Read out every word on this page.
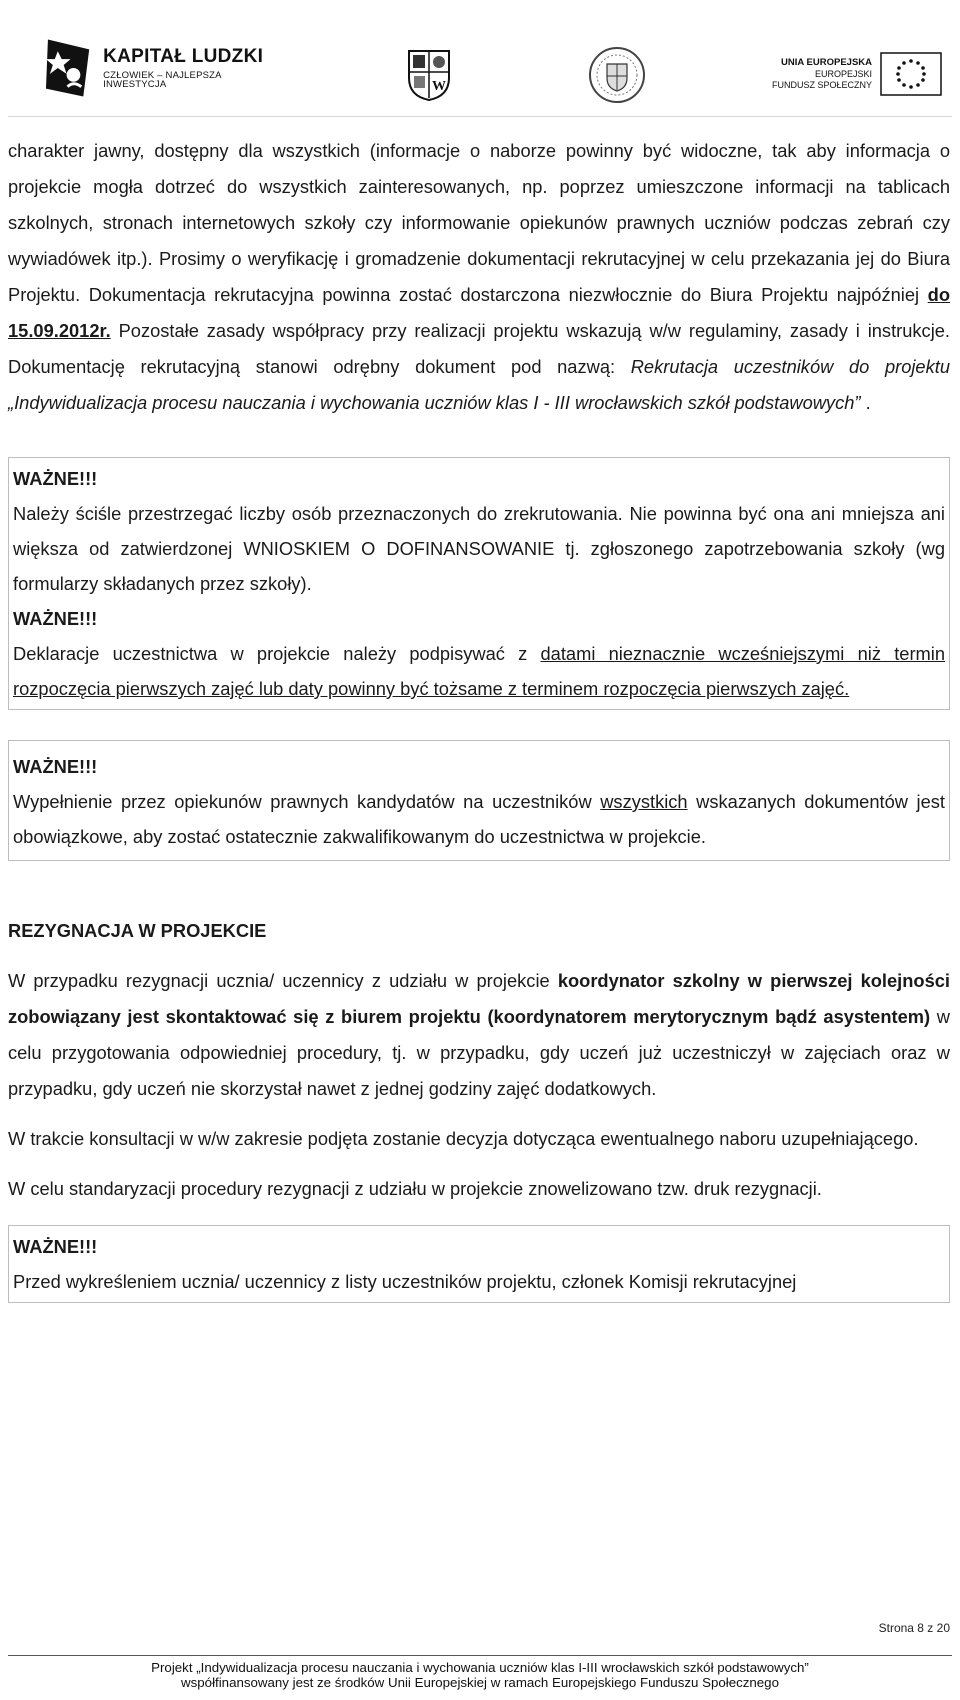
KAPITAŁ LUDZKI
CZŁOWIEK – NAJLEPSZA INWESTYCJA	W
UNIA EUROPEJSKA
EUROPEJSKI
FUNDUSZ SPOŁECZNY

charakter jawny, dostępny dla wszystkich (informacje o naborze powinny być widoczne, tak aby informacja o projekcie mogła dotrzeć do wszystkich zainteresowanych, np. poprzez umieszczone informacji na tablicach szkolnych, stronach internetowych szkoły czy informowanie opiekunów prawnych uczniów podczas zebrań czy wywiadówek itp.). Prosimy o weryfikację i gromadzenie dokumentacji rekrutacyjnej w celu przekazania jej do Biura Projektu. Dokumentacja rekrutacyjna powinna zostać dostarczona niezwłocznie do Biura Projektu najpóźniej do 15.09.2012r. Pozostałe zasady współpracy przy realizacji projektu wskazują w/w regulaminy, zasady i instrukcje. Dokumentację rekrutacyjną stanowi odrębny dokument pod nazwą: Rekrutacja uczestników do projektu „Indywidualizacja procesu nauczania i wychowania uczniów klas I - III wrocławskich szkół podstawowych” .

WAŻNE!!!

Należy ściśle przestrzegać liczby osób przeznaczonych do zrekrutowania. Nie powinna być ona ani mniejsza ani większa od zatwierdzonej WNIOSKIEM O DOFINANSOWANIE tj. zgłoszonego zapotrzebowania szkoły (wg formularzy składanych przez szkoły).

WAŻNE!!!

Deklaracje uczestnictwa w projekcie należy podpisywać z datami nieznacznie wcześniejszymi niż termin rozpoczęcia pierwszych zajęć lub daty powinny być tożsame z terminem rozpoczęcia pierwszych zajęć.

WAŻNE!!!

Wypełnienie przez opiekunów prawnych kandydatów na uczestników wszystkich wskazanych dokumentów jest obowiązkowe, aby zostać ostatecznie zakwalifikowanym do uczestnictwa w projekcie.

REZYGNACJA W PROJEKCIE

W przypadku rezygnacji ucznia/ uczennicy z udziału w projekcie koordynator szkolny w pierwszej kolejności zobowiązany jest skontaktować się z biurem projektu (koordynatorem merytorycznym bądź asystentem) w celu przygotowania odpowiedniej procedury, tj. w przypadku, gdy uczeń już uczestniczył w zajęciach oraz w przypadku, gdy uczeń nie skorzystał nawet z jednej godziny zajęć dodatkowych.

W trakcie konsultacji w w/w zakresie podjęta zostanie decyzja dotycząca ewentualnego naboru uzupełniającego.

W celu standaryzacji procedury rezygnacji z udziału w projekcie znowelizowano tzw. druk rezygnacji.

WAŻNE!!!

Przed wykreśleniem ucznia/ uczennicy z listy uczestników projektu, członek Komisji rekrutacyjnej

Strona 8 z 20
Projekt „Indywidualizacja procesu nauczania i wychowania uczniów klas I-III wrocławskich szkół podstawowych”
współfinansowany jest ze środków Unii Europejskiej w ramach Europejskiego Funduszu Społecznego
